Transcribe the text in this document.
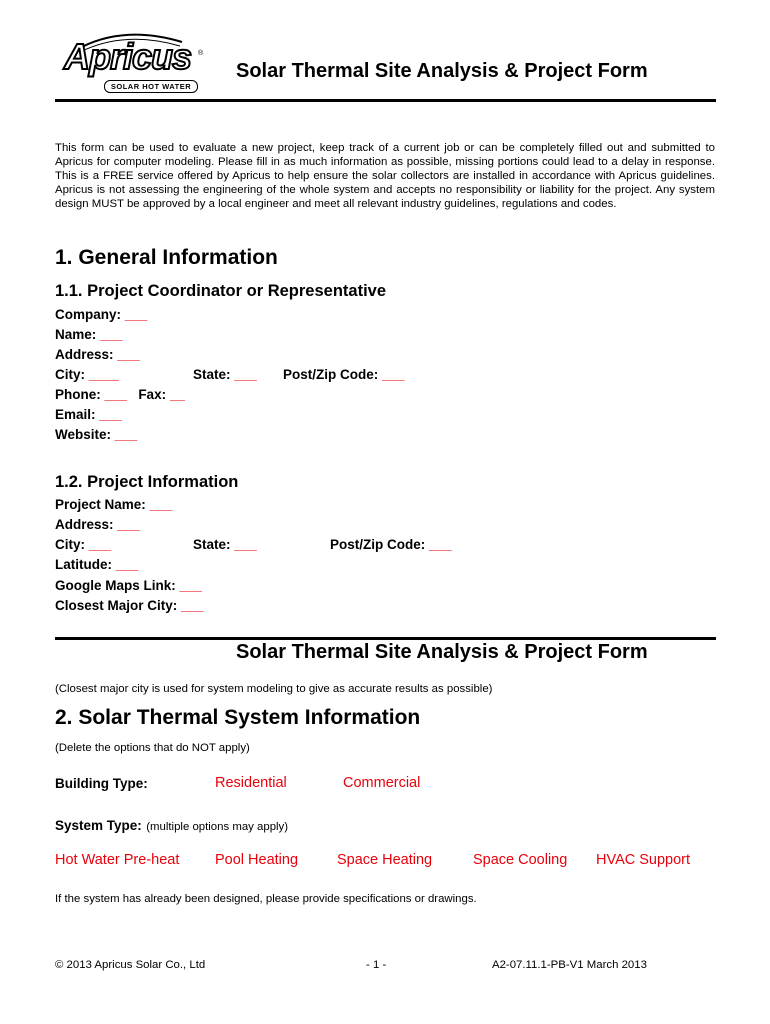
Apricus ®
SOLAR HOT WATER
Solar Thermal Site Analysis & Project Form
This form can be used to evaluate a new project, keep track of a current job or can be completely filled out and submitted to Apricus for computer modeling. Please fill in as much information as possible, missing portions could lead to a delay in response. This is a FREE service offered by Apricus to help ensure the solar collectors are installed in accordance with Apricus guidelines. Apricus is not assessing the engineering of the whole system and accepts no responsibility or liability for the project. Any system design MUST be approved by a local engineer and meet all relevant industry guidelines, regulations and codes.
1. General Information
1.1. Project Coordinator or Representative
Company: ___
Name: ___
Address: ___
City: ____	State: ___ Post/Zip Code: ___
Phone: ___ Fax: __
Email: ___
Website: ___
1.2. Project Information
Project Name: ___
Address: ___
City: ___	State: ___	Post/Zip Code: ___
Latitude: ___
Google Maps Link: ___
Closest Major City: ___
Solar Thermal Site Analysis & Project Form
(Closest major city is used for system modeling to give as accurate results as possible)
2. Solar Thermal System Information
(Delete the options that do NOT apply)
Building Type:	Residential	Commercial
System Type: (multiple options may apply)
Hot Water Pre-heat Pool Heating	Space Heating	Space Cooling HVAC Support
If the system has already been designed, please provide specifications or drawings.
© 2013 Apricus Solar Co., Ltd	- 1 -	A2-07.11.1-PB-V1 March 2013
